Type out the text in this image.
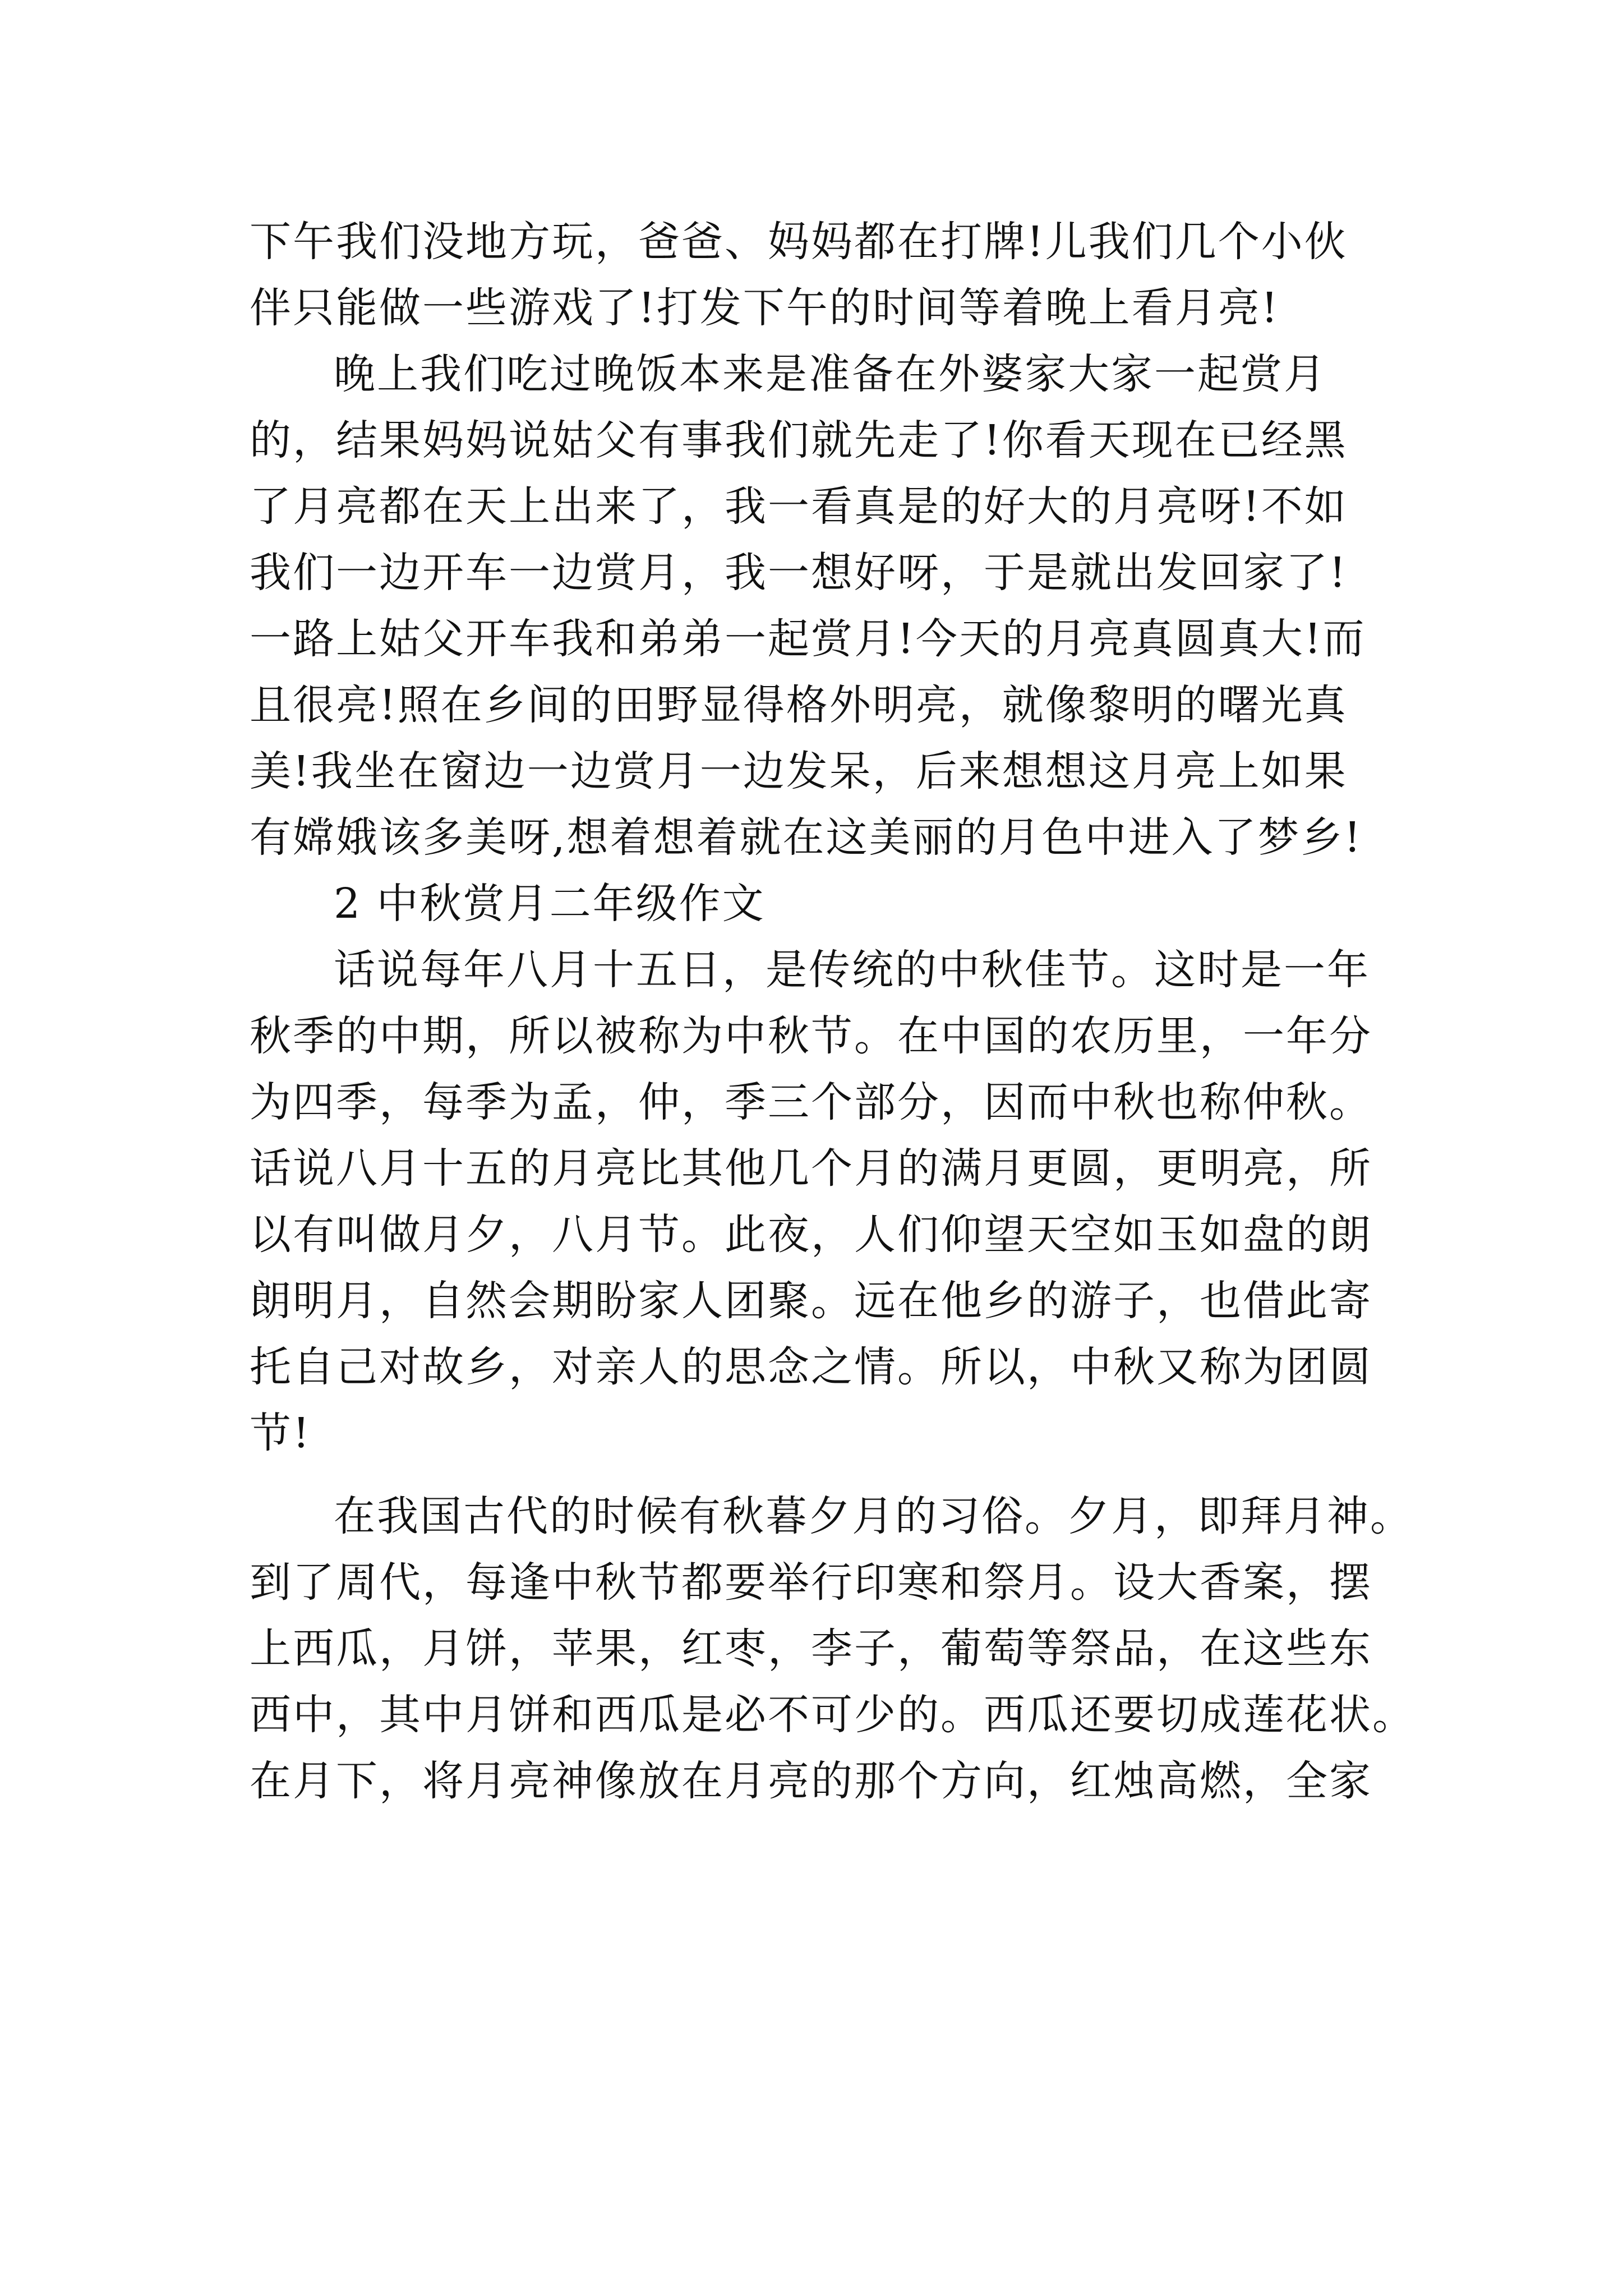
下午我们没地方玩，爸爸、妈妈都在打牌!儿我们几个小伙
伴只能做一些游戏了!打发下午的时间等着晚上看月亮!
晚上我们吃过晚饭本来是准备在外婆家大家一起赏月
的，结果妈妈说姑父有事我们就先走了!你看天现在已经黑
了月亮都在天上出来了，我一看真是的好大的月亮呀!不如
我们一边开车一边赏月，我一想好呀，于是就出发回家了!
一路上姑父开车我和弟弟一起赏月!今天的月亮真圆真大!而
且很亮!照在乡间的田野显得格外明亮，就像黎明的曙光真
美!我坐在窗边一边赏月一边发呆，后来想想这月亮上如果
有嫦娥该多美呀,想着想着就在这美丽的月色中进入了梦乡!
2 中秋赏月二年级作文
话说每年八月十五日，是传统的中秋佳节。这时是一年
秋季的中期，所以被称为中秋节。在中国的农历里，一年分
为四季，每季为孟，仲，季三个部分，因而中秋也称仲秋。
话说八月十五的月亮比其他几个月的满月更圆，更明亮，所
以有叫做月夕，八月节。此夜，人们仰望天空如玉如盘的朗
朗明月，自然会期盼家人团聚。远在他乡的游子，也借此寄
托自己对故乡，对亲人的思念之情。所以，中秋又称为团圆
节!
在我国古代的时候有秋暮夕月的习俗。夕月，即拜月神。
到了周代，每逢中秋节都要举行印寒和祭月。设大香案，摆
上西瓜，月饼，苹果，红枣，李子，葡萄等祭品，在这些东
西中，其中月饼和西瓜是必不可少的。西瓜还要切成莲花状。
在月下，将月亮神像放在月亮的那个方向，红烛高燃，全家
